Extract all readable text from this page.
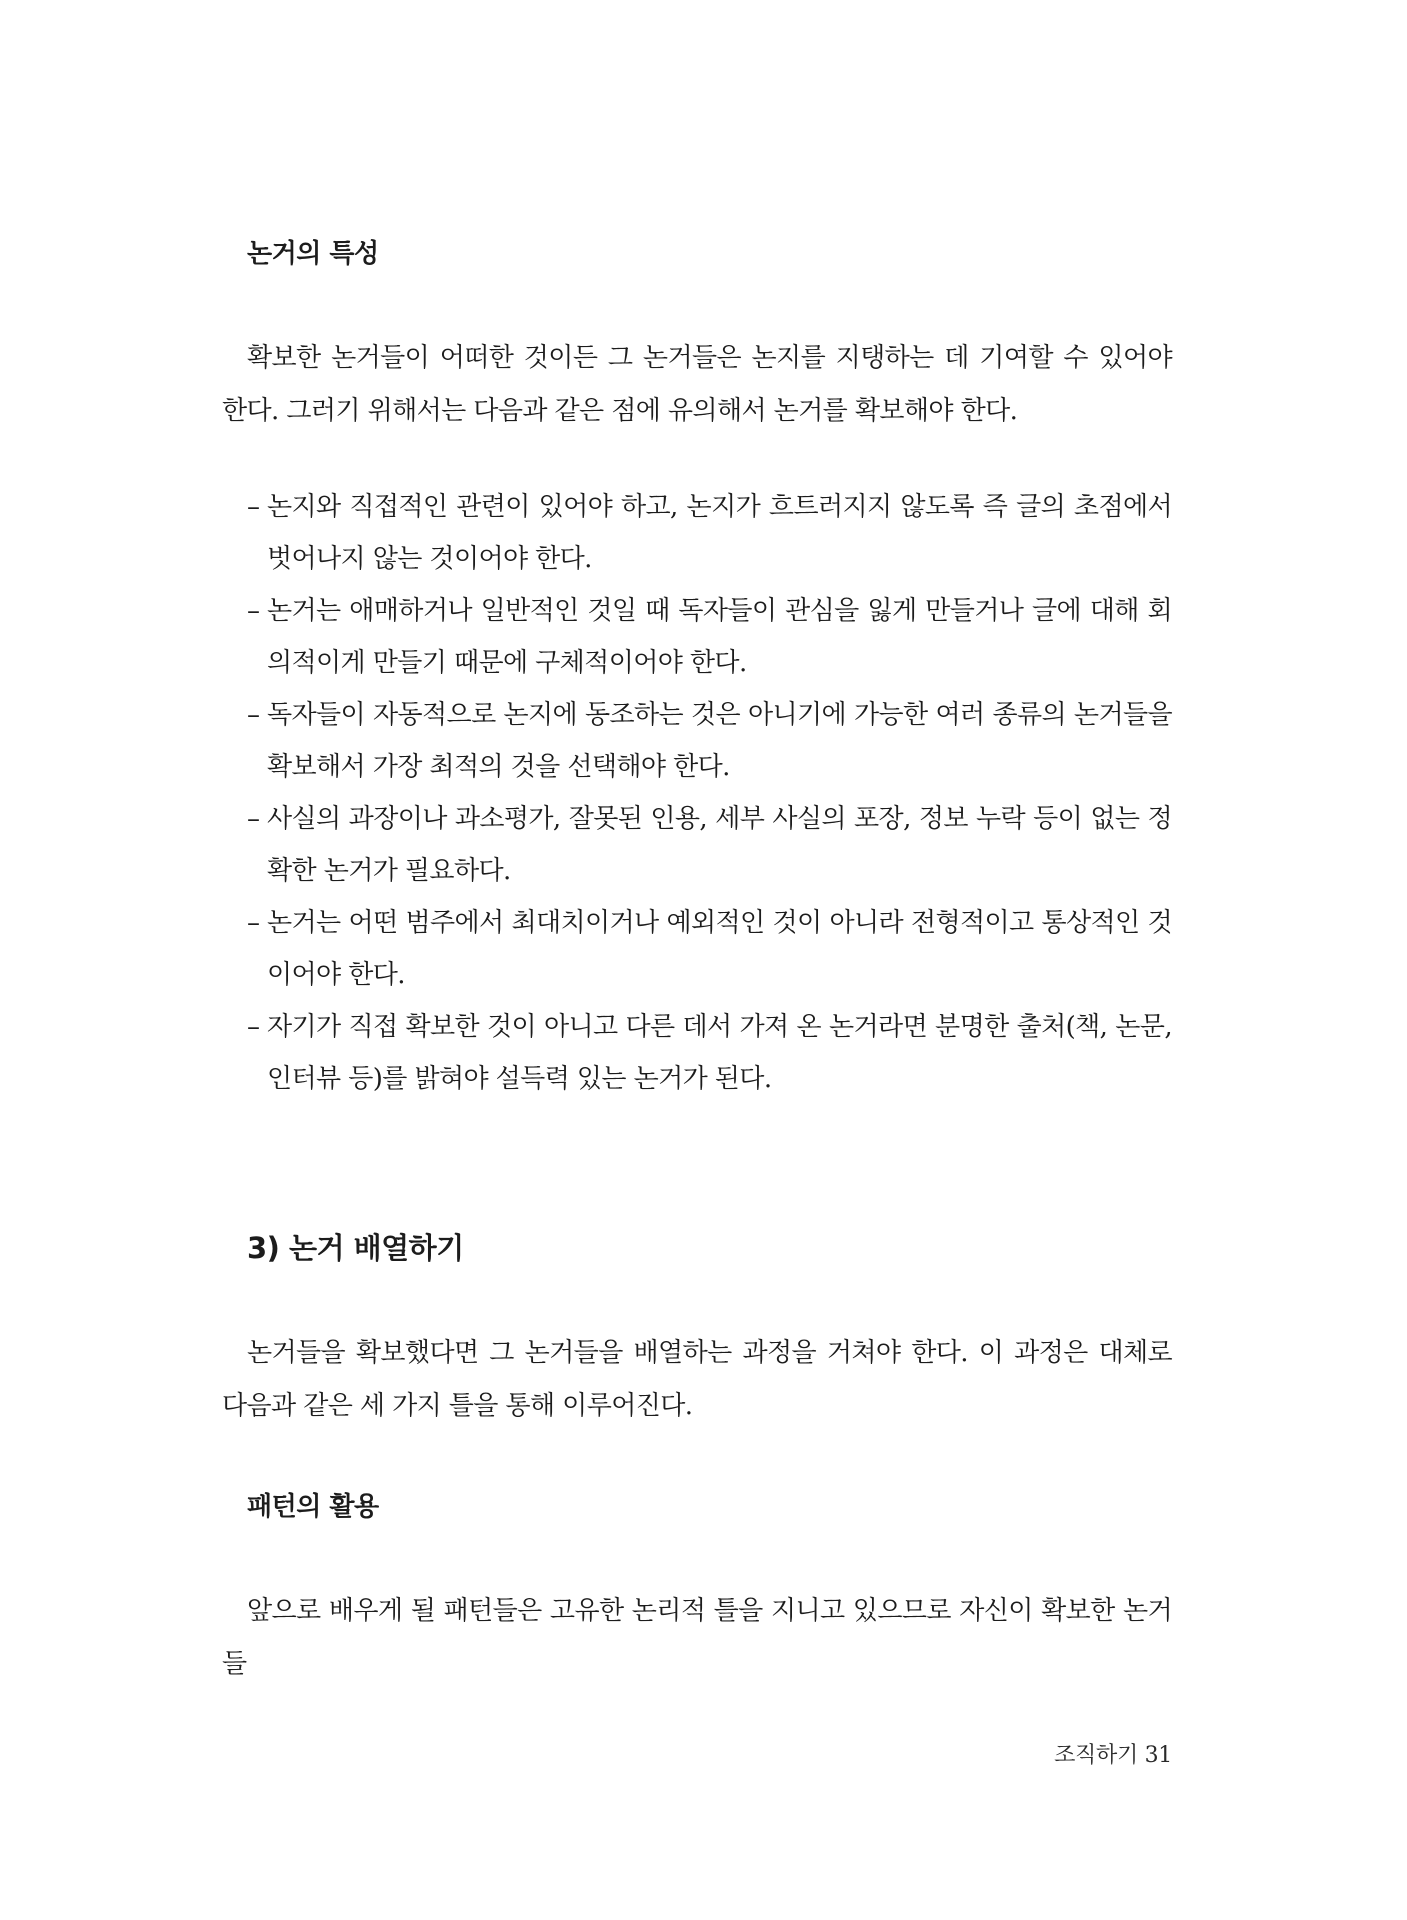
논거의 특성

확보한 논거들이 어떠한 것이든 그 논거들은 논지를 지탱하는 데 기여할 수 있어야 한다. 그러기 위해서는 다음과 같은 점에 유의해서 논거를 확보해야 한다.

– 논지와 직접적인 관련이 있어야 하고, 논지가 흐트러지지 않도록 즉 글의 초점에서 벗어나지 않는 것이어야 한다.
– 논거는 애매하거나 일반적인 것일 때 독자들이 관심을 잃게 만들거나 글에 대해 회의적이게 만들기 때문에 구체적이어야 한다.
– 독자들이 자동적으로 논지에 동조하는 것은 아니기에 가능한 여러 종류의 논거들을 확보해서 가장 최적의 것을 선택해야 한다.
– 사실의 과장이나 과소평가, 잘못된 인용, 세부 사실의 포장, 정보 누락 등이 없는 정확한 논거가 필요하다.
– 논거는 어떤 범주에서 최대치이거나 예외적인 것이 아니라 전형적이고 통상적인 것이어야 한다.
– 자기가 직접 확보한 것이 아니고 다른 데서 가져 온 논거라면 분명한 출처(책, 논문, 인터뷰 등)를 밝혀야 설득력 있는 논거가 된다.
3) 논거 배열하기

논거들을 확보했다면 그 논거들을 배열하는 과정을 거쳐야 한다. 이 과정은 대체로 다음과 같은 세 가지 틀을 통해 이루어진다.

패턴의 활용

앞으로 배우게 될 패턴들은 고유한 논리적 틀을 지니고 있으므로 자신이 확보한 논거들

조직하기 31
